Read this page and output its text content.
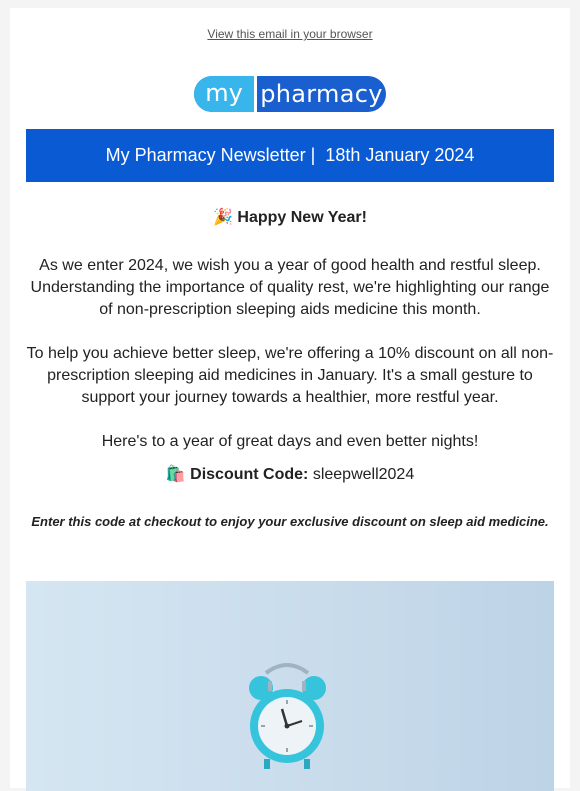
View this email in your browser
my pharmacy
My Pharmacy Newsletter |  18th January 2024
🎉 Happy New Year!
As we enter 2024, we wish you a year of good health and restful sleep. Understanding the importance of quality rest, we're highlighting our range of non-prescription sleeping aids medicine this month.
To help you achieve better sleep, we're offering a 10% discount on all non-prescription sleeping aid medicines in January. It's a small gesture to support your journey towards a healthier, more restful year.
Here's to a year of great days and even better nights!
🛍️ Discount Code: sleepwell2024
Enter this code at checkout to enjoy your exclusive discount on sleep aid medicine.
